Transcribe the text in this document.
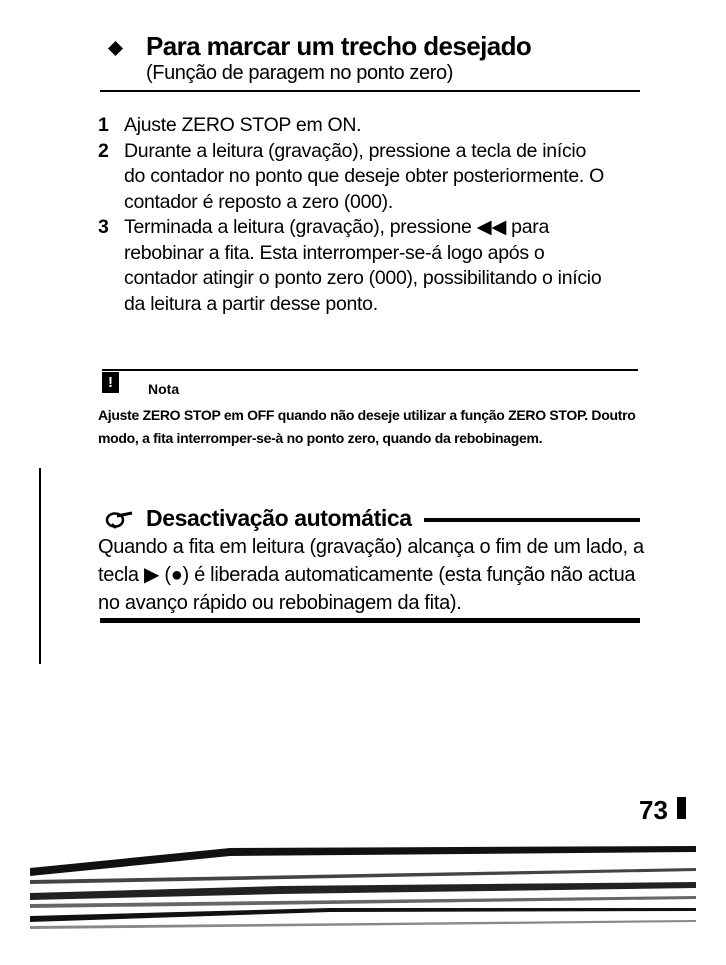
Para marcar um trecho desejado
(Função de paragem no ponto zero)
1 Ajuste ZERO STOP em ON.
2 Durante a leitura (gravação), pressione a tecla de início
do contador no ponto que deseje obter posteriormente. O
contador é reposto a zero (000).
3 Terminada a leitura (gravação), pressione ◀◀ para
rebobinar a fita. Esta interromper-se-á logo após o
contador atingir o ponto zero (000), possibilitando o início
da leitura a partir desse ponto.
!	Nota
Ajuste ZERO STOP em OFF quando não deseje utilizar a função ZERO STOP. Doutro modo, a fita interromper-se-à no ponto zero, quando da rebobinagem.
Desactivação automática
Quando a fita em leitura (gravação) alcança o fim de um lado, a tecla ▶ (●) é liberada automaticamente (esta função não actua no avanço rápido ou rebobinagem da fita).
73
